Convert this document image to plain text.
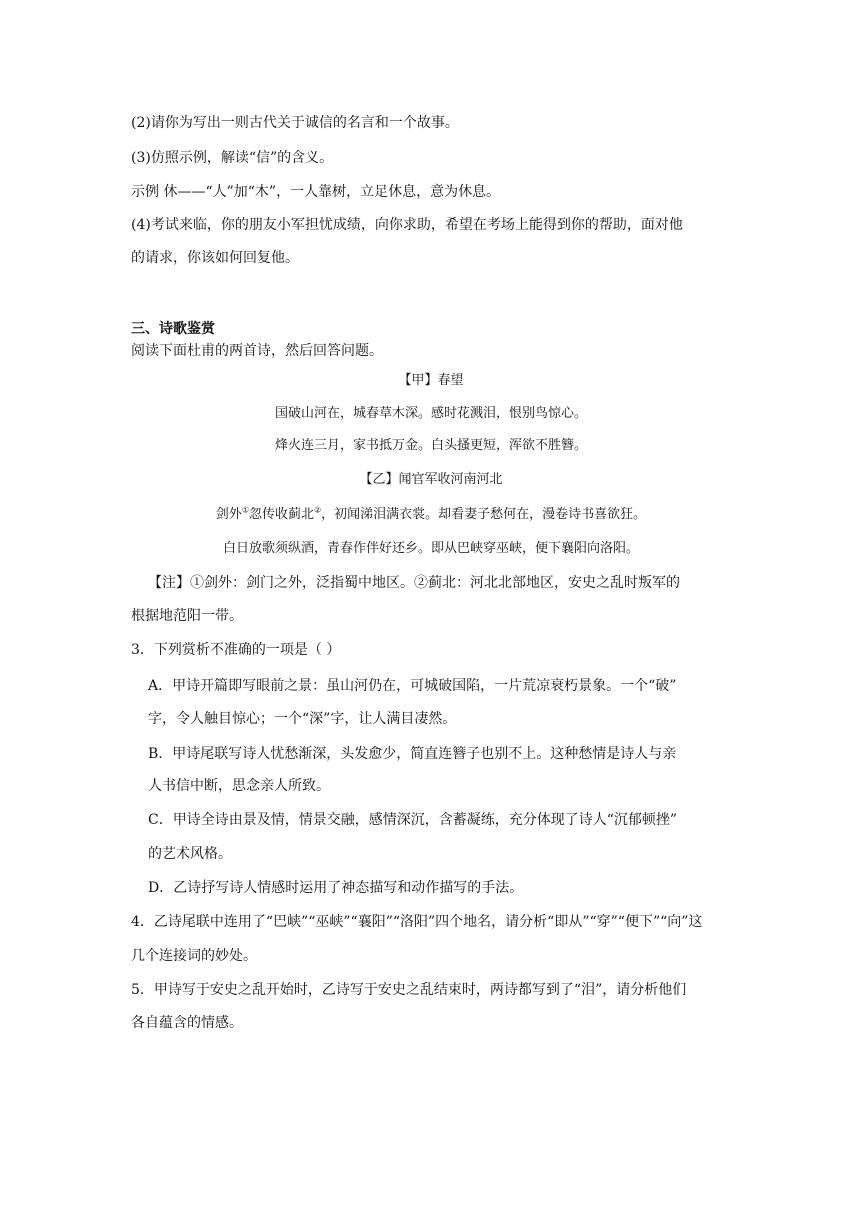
(2)请你为写出一则古代关于诚信的名言和一个故事。
(3)仿照示例，解读“信”的含义。
示例 休——“人”加“木”，一人靠树，立足休息，意为休息。
(4)考试来临，你的朋友小军担忧成绩，向你求助，希望在考场上能得到你的帮助，面对他
的请求，你该如何回复他。
三、诗歌鉴赏
阅读下面杜甫的两首诗，然后回答问题。
【甲】春望
国破山河在，城春草木深。感时花溅泪，恨别鸟惊心。
烽火连三月，家书抵万金。白头搔更短，浑欲不胜簪。
【乙】闻官军收河南河北
剑外①忽传收蓟北②，初闻涕泪满衣裳。却看妻子愁何在，漫卷诗书喜欲狂。
白日放歌须纵酒，青春作伴好还乡。即从巴峡穿巫峡，便下襄阳向洛阳。
【注】①剑外：剑门之外，泛指蜀中地区。②蓟北：河北北部地区，安史之乱时叛军的
根据地范阳一带。
3．下列赏析不准确的一项是（ ）
A．甲诗开篇即写眼前之景：虽山河仍在，可城破国陷，一片荒凉衰朽景象。一个“破”
字，令人触目惊心；一个“深”字，让人满目凄然。
B．甲诗尾联写诗人忧愁渐深，头发愈少，简直连簪子也别不上。这种愁情是诗人与亲
人书信中断，思念亲人所致。
C．甲诗全诗由景及情，情景交融，感情深沉，含蓄凝练，充分体现了诗人“沉郁顿挫”
的艺术风格。
D．乙诗抒写诗人情感时运用了神态描写和动作描写的手法。
4．乙诗尾联中连用了“巴峡”“巫峡”“襄阳”“洛阳”四个地名，请分析“即从”“穿”“便下”“向”这
几个连接词的妙处。
5．甲诗写于安史之乱开始时，乙诗写于安史之乱结束时，两诗都写到了“泪”，请分析他们
各自蕴含的情感。
